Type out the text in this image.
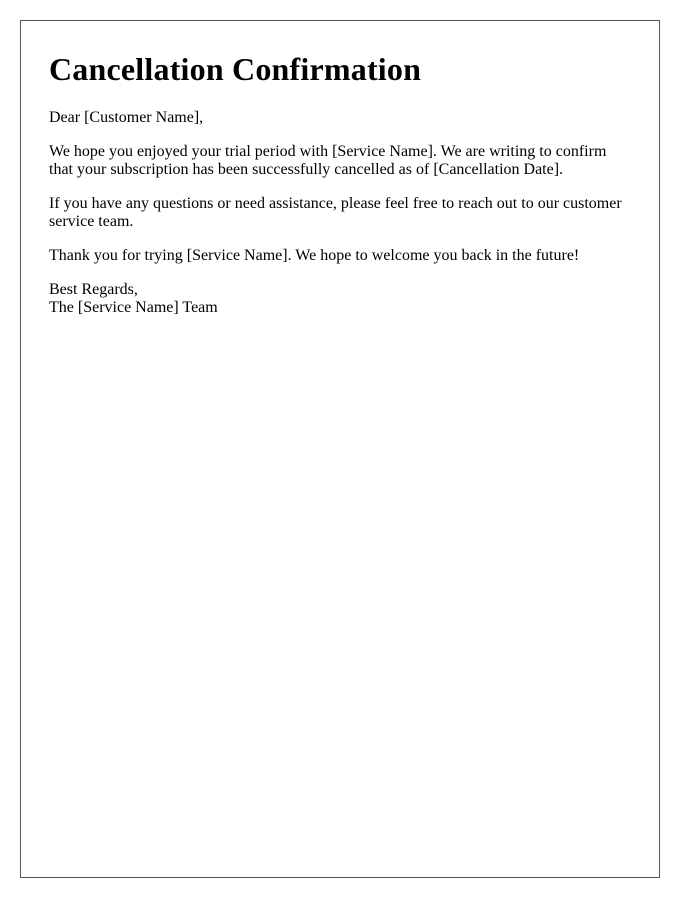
Cancellation Confirmation

Dear [Customer Name],

We hope you enjoyed your trial period with [Service Name]. We are writing to confirm
that your subscription has been successfully cancelled as of [Cancellation Date].

If you have any questions or need assistance, please feel free to reach out to our customer
service team.

Thank you for trying [Service Name]. We hope to welcome you back in the future!

Best Regards,
The [Service Name] Team
